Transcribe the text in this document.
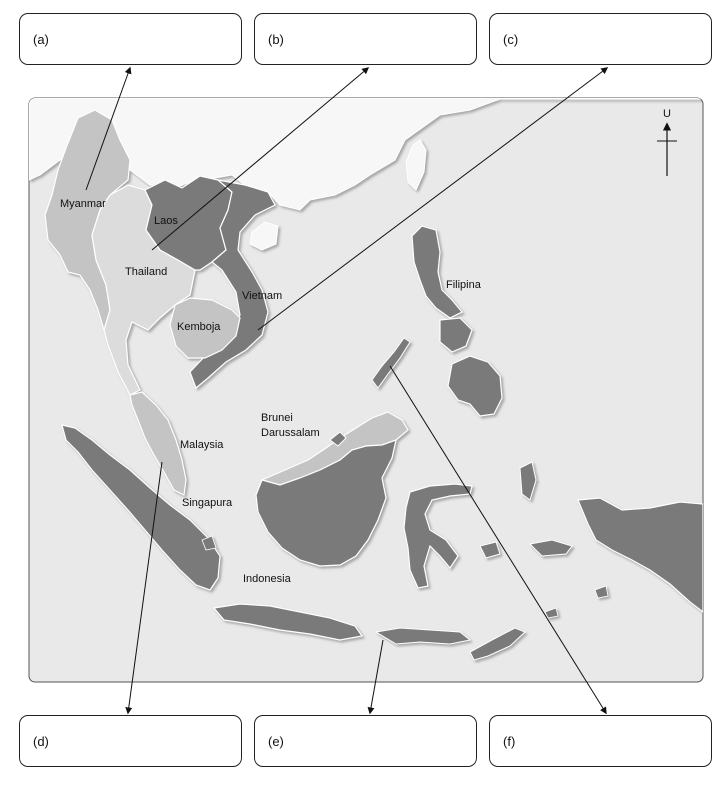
(a)	(b)	(c)
(d)	(e)	(f)
U
Myanmar
Laos
Thailand
Vietnam
Kemboja
Filipina
Brunei
Darussalam
Malaysia
Singapura
Indonesia
